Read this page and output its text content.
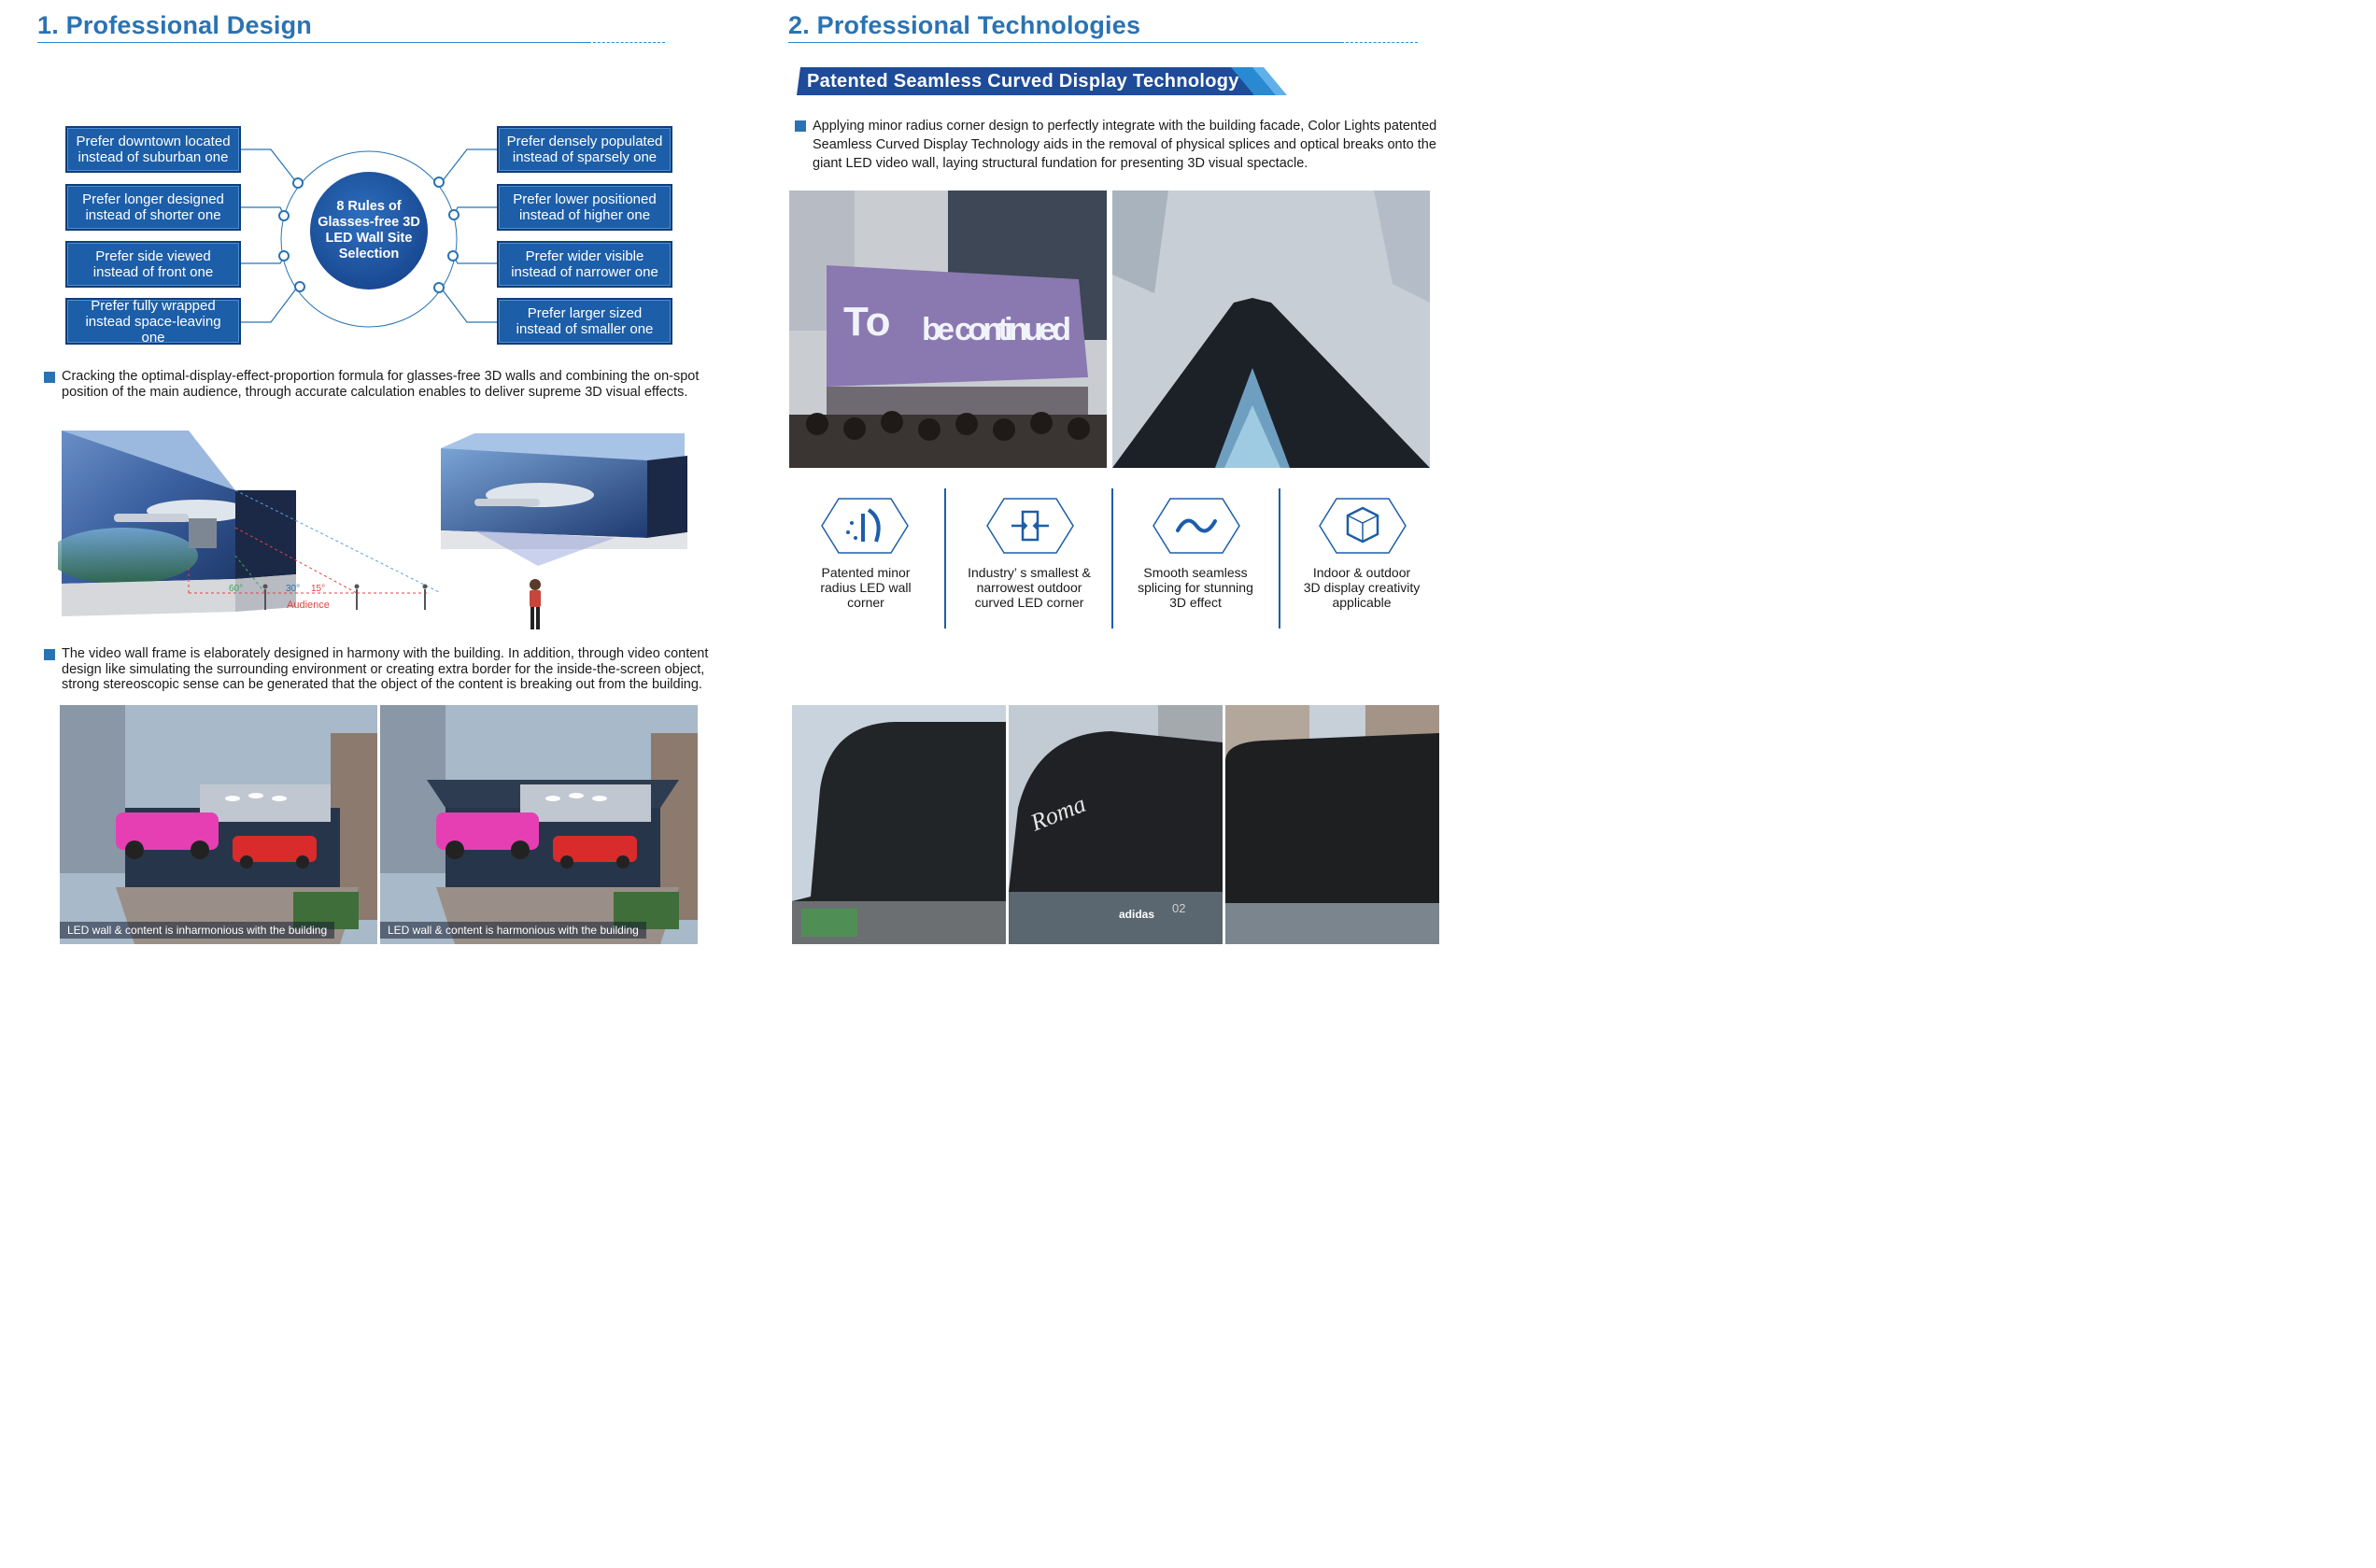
1. Professional Design
8 Rules of
Glasses-free 3D
LED Wall Site
Selection
Prefer downtown located
instead of suburban one
Prefer longer designed
instead of shorter one
Prefer side viewed
instead of front one
Prefer fully wrapped
instead space-leaving one
Prefer densely populated
instead of sparsely one
Prefer lower positioned
instead of higher one
Prefer wider visible
instead of narrower one
Prefer larger sized
instead of smaller one
Cracking the optimal-display-effect-proportion formula for glasses-free 3D walls and combining the on-spot
position of the main audience, through accurate calculation enables to deliver supreme 3D visual effects.
60°	30° 15°
Audience
The video wall frame is elaborately designed in harmony with the building. In addition, through video content
design like simulating the surrounding environment or creating extra border for the inside-the-screen object,
strong stereoscopic sense can be generated that the object of the content is breaking out from the building.
LED wall & content is inharmonious with the building	LED wall & content is harmonious with the building
2. Professional Technologies
Patented Seamless Curved Display Technology
Applying minor radius corner design to perfectly integrate with the building facade, Color Lights patented
Seamless Curved Display Technology aids in the removal of physical splices and optical breaks onto the
giant LED video wall, laying structural fundation for presenting 3D visual spectacle.
To be continued
Patented minor
radius LED wall
corner
Industry’ s smallest &
narrowest outdoor
curved LED corner
Smooth seamless
splicing for stunning
3D effect
Indoor & outdoor
3D display creativity
applicable
Roma
adidas 02
